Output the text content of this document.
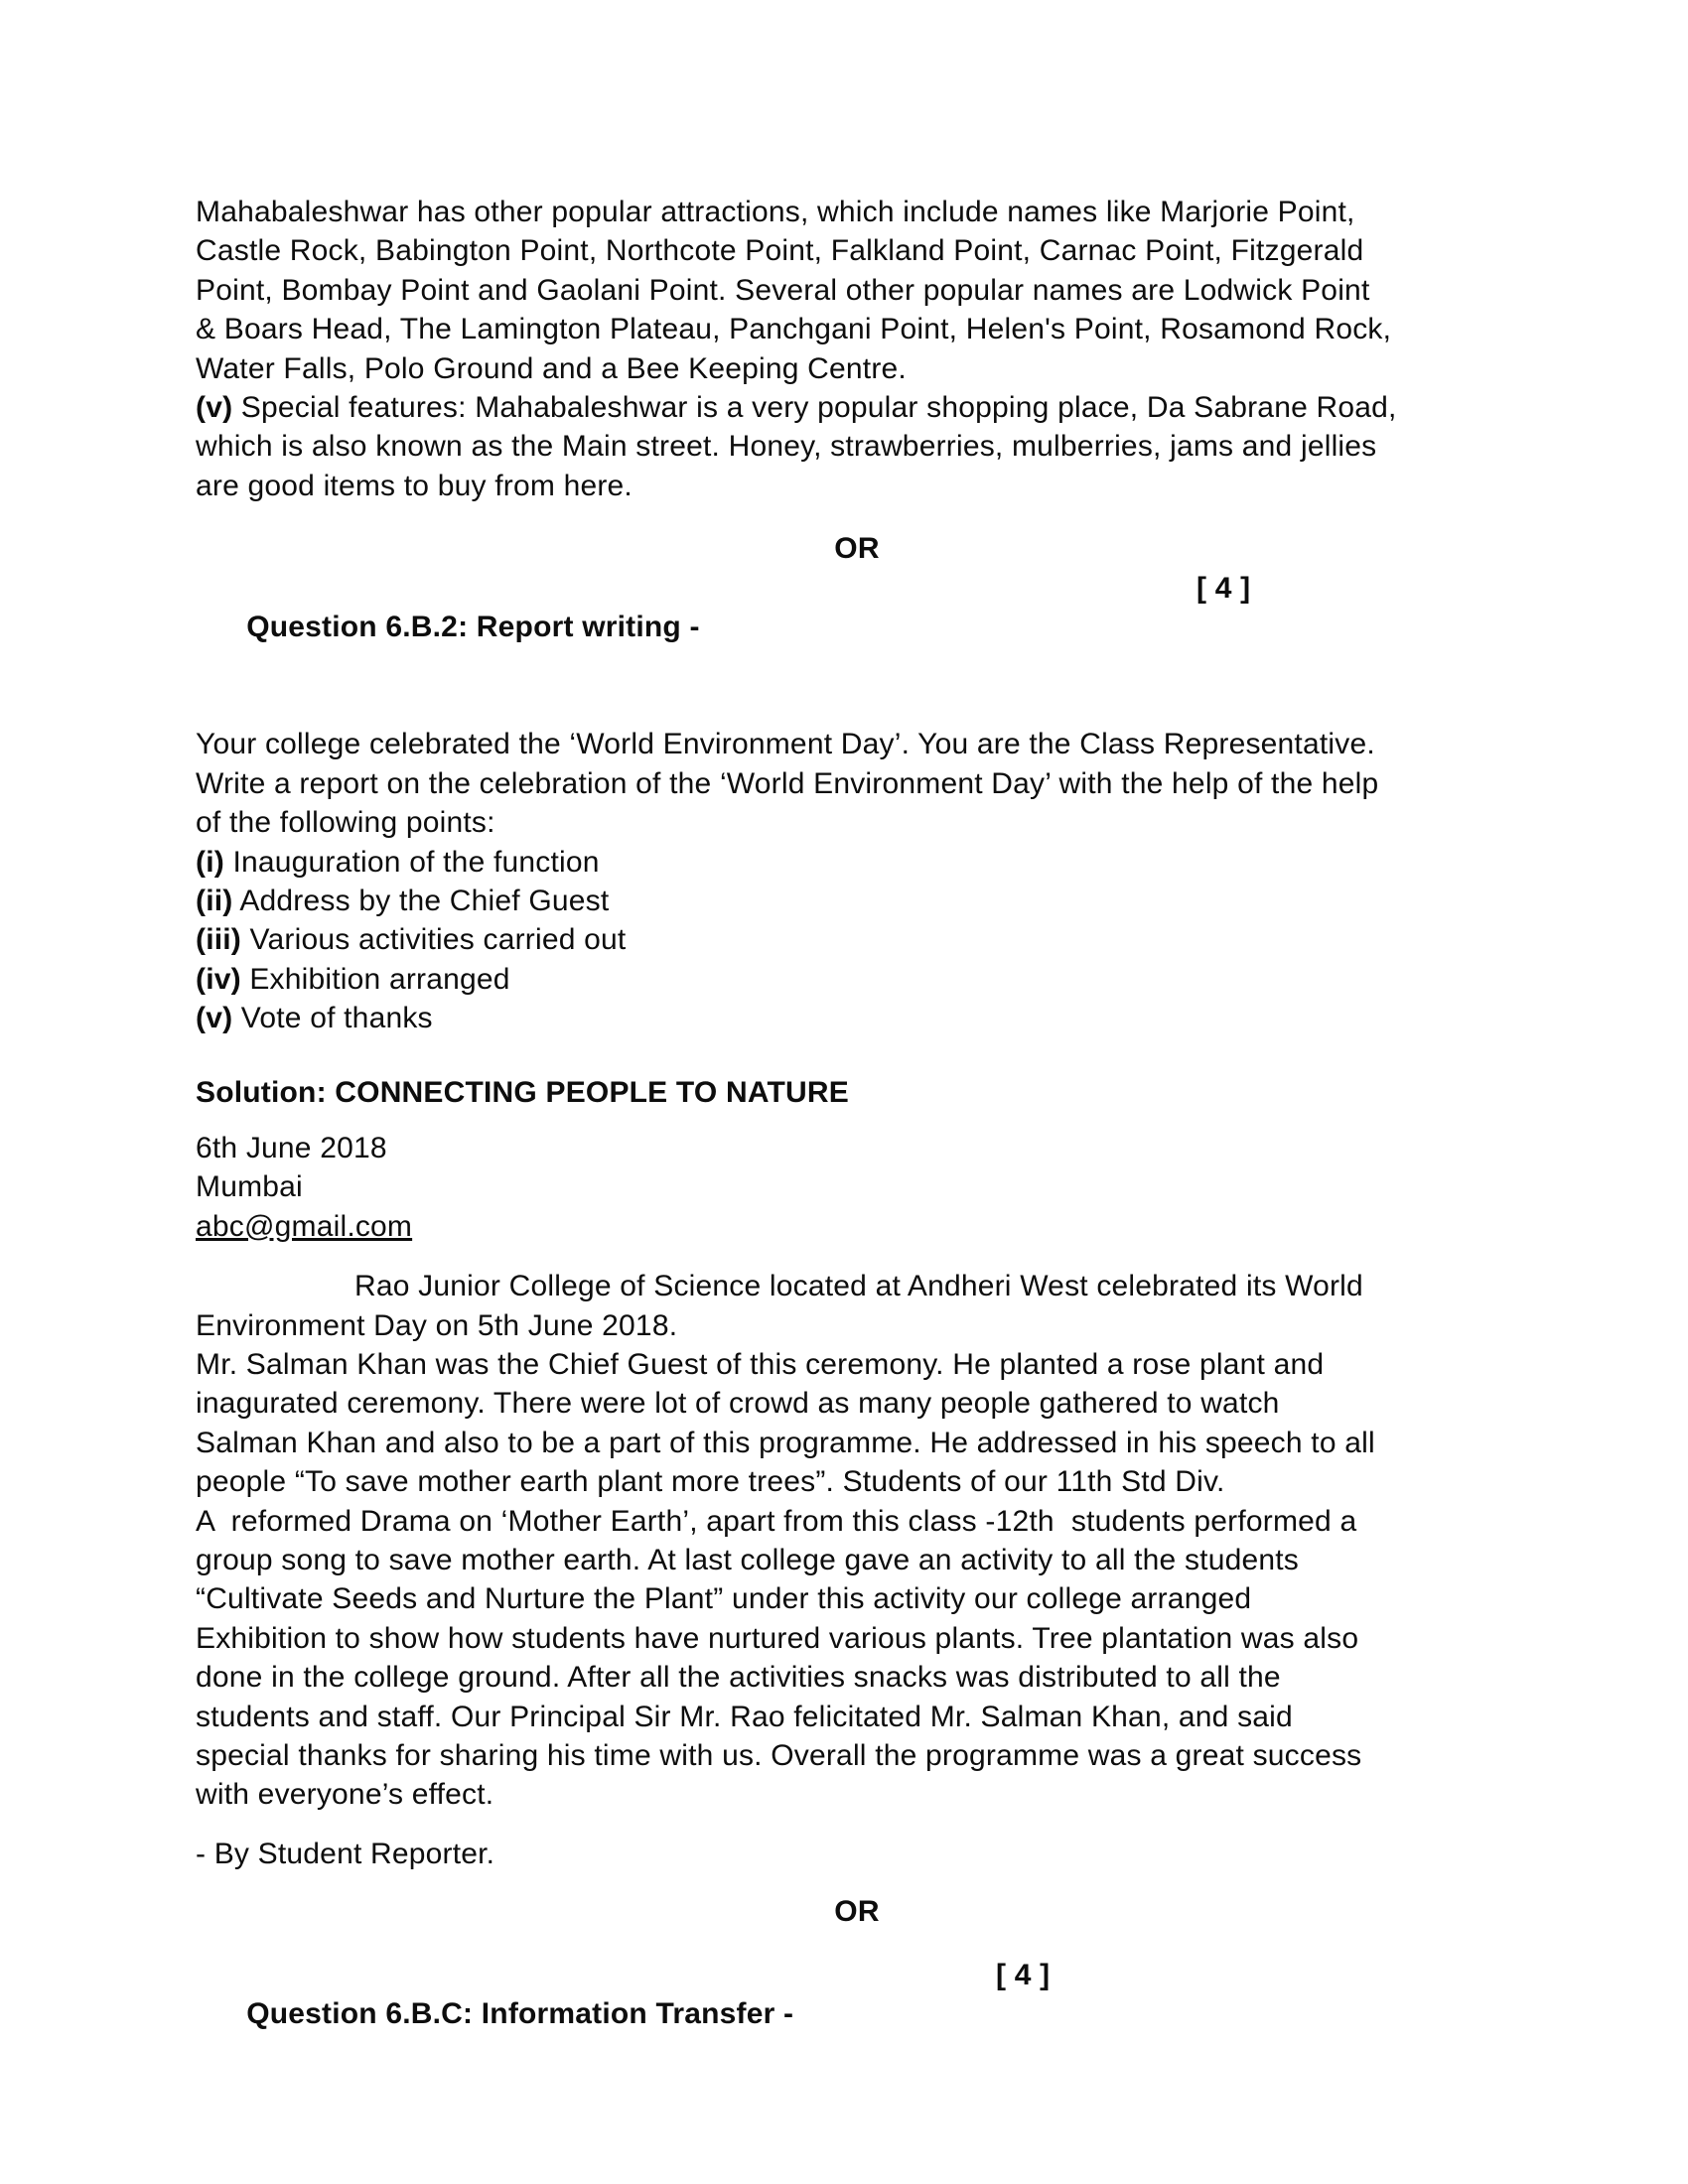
Mahabaleshwar has other popular attractions, which include names like Marjorie Point,
Castle Rock, Babington Point, Northcote Point, Falkland Point, Carnac Point, Fitzgerald
Point, Bombay Point and Gaolani Point. Several other popular names are Lodwick Point
& Boars Head, The Lamington Plateau, Panchgani Point, Helen's Point, Rosamond Rock,
Water Falls, Polo Ground and a Bee Keeping Centre.
(v) Special features: Mahabaleshwar is a very popular shopping place, Da Sabrane Road,
which is also known as the Main street. Honey, strawberries, mulberries, jams and jellies
are good items to buy from here.
OR

Question 6.B.2: Report writing -

[ 4 ]

Your college celebrated the ‘World Environment Day’. You are the Class Representative.
Write a report on the celebration of the ‘World Environment Day’ with the help of the help
of the following points:
(i) Inauguration of the function
(ii) Address by the Chief Guest
(iii) Various activities carried out
(iv) Exhibition arranged
(v) Vote of thanks
Solution: CONNECTING PEOPLE TO NATURE
6th June 2018
Mumbai
abc@gmail.com
Rao Junior College of Science located at Andheri West celebrated its World
Environment Day on 5th June 2018.
Mr. Salman Khan was the Chief Guest of this ceremony. He planted a rose plant and
inagurated ceremony. There were lot of crowd as many people gathered to watch
Salman Khan and also to be a part of this programme. He addressed in his speech to all
people “To save mother earth plant more trees”. Students of our 11th Std Div.
A  reformed Drama on ‘Mother Earth’, apart from this class -12th  students performed a
group song to save mother earth. At last college gave an activity to all the students
“Cultivate Seeds and Nurture the Plant” under this activity our college arranged
Exhibition to show how students have nurtured various plants. Tree plantation was also
done in the college ground. After all the activities snacks was distributed to all the
students and staff. Our Principal Sir Mr. Rao felicitated Mr. Salman Khan, and said
special thanks for sharing his time with us. Overall the programme was a great success
with everyone’s effect.
- By Student Reporter.
OR

Question 6.B.C: Information Transfer -

[ 4 ]
